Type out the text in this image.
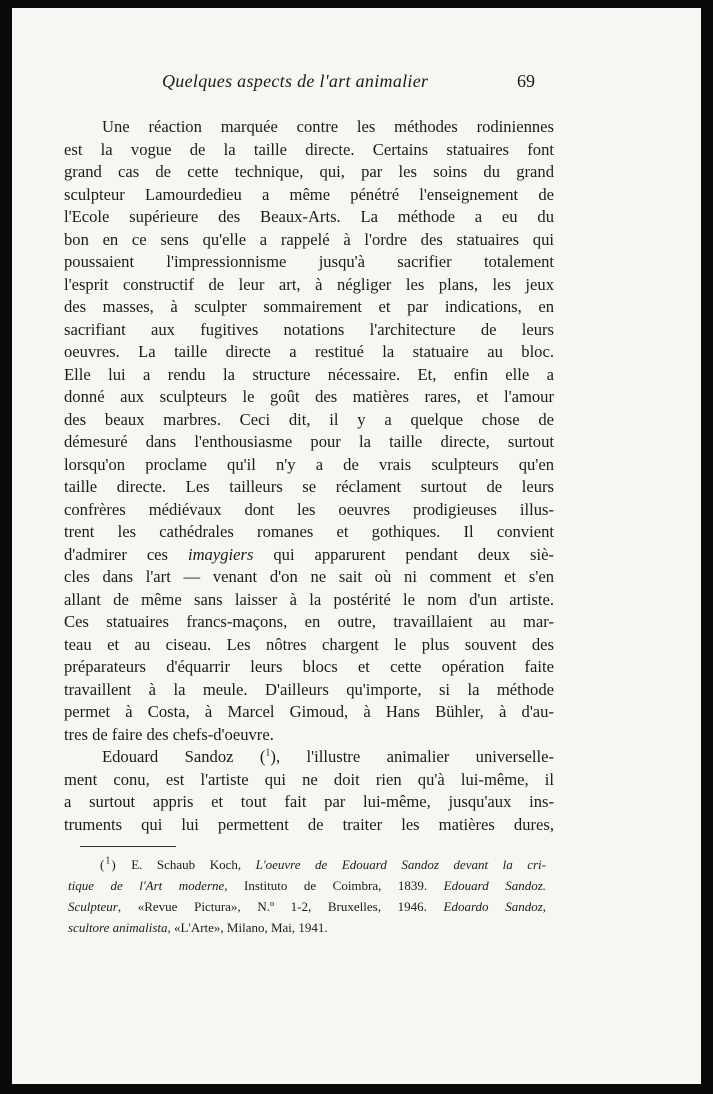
Quelques aspects de l'art animalier	69
Une réaction marquée contre les méthodes rodiniennes
est la vogue de la taille directe. Certains statuaires font
grand cas de cette technique, qui, par les soins du grand
sculpteur Lamourdedieu a même pénétré l'enseignement de
l'Ecole supérieure des Beaux-Arts. La méthode a eu du
bon en ce sens qu'elle a rappelé à l'ordre des statuaires qui
poussaient l'impressionnisme jusqu'à sacrifier totalement
l'esprit constructif de leur art, à négliger les plans, les jeux
des masses, à sculpter sommairement et par indications, en
sacrifiant aux fugitives notations l'architecture de leurs
oeuvres. La taille directe a restitué la statuaire au bloc.
Elle lui a rendu la structure nécessaire. Et, enfin elle a
donné aux sculpteurs le goût des matières rares, et l'amour
des beaux marbres. Ceci dit, il y a quelque chose de
démesuré dans l'enthousiasme pour la taille directe, surtout
lorsqu'on proclame qu'il n'y a de vrais sculpteurs qu'en
taille directe. Les tailleurs se réclament surtout de leurs
confrères médiévaux dont les oeuvres prodigieuses illus-
trent les cathédrales romanes et gothiques. Il convient
d'admirer ces imaygiers qui apparurent pendant deux siè-
cles dans l'art — venant d'on ne sait où ni comment et s'en
allant de même sans laisser à la postérité le nom d'un artiste.
Ces statuaires francs-maçons, en outre, travaillaient au mar-
teau et au ciseau. Les nôtres chargent le plus souvent des
préparateurs d'équarrir leurs blocs et cette opération faite
travaillent à la meule. D'ailleurs qu'importe, si la méthode
permet à Costa, à Marcel Gimoud, à Hans Bühler, à d'au-
tres de faire des chefs-d'oeuvre.
Edouard Sandoz ($^1$), l'illustre animalier universelle-
ment conu, est l'artiste qui ne doit rien qu'à lui-même, il
a surtout appris et tout fait par lui-même, jusqu'aux ins-
truments qui lui permettent de traiter les matières dures,
($^1$) E. Schaub Koch, L'oeuvre de Edouard Sandoz devant la cri-
tique de l'Art moderne, Instituto de Coimbra, 1839. Edouard Sandoz.
Sculpteur, «Revue Pictura», N.º 1-2, Bruxelles, 1946. Edoardo Sandoz,
scultore animalista, «L'Arte», Milano, Mai, 1941.
